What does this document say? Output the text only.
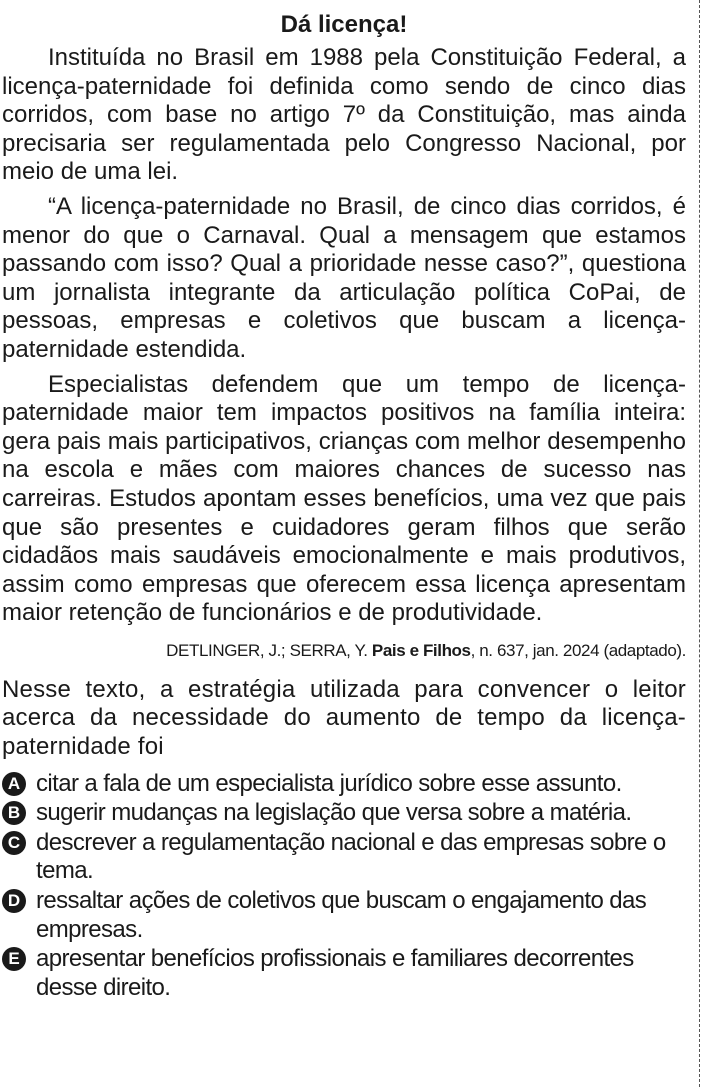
Dá licença!

Instituída no Brasil em 1988 pela Constituição Federal, a licença-paternidade foi definida como sendo de cinco dias corridos, com base no artigo 7º da Constituição, mas ainda precisaria ser regulamentada pelo Congresso Nacional, por meio de uma lei.

“A licença-paternidade no Brasil, de cinco dias corridos, é menor do que o Carnaval. Qual a mensagem que estamos passando com isso? Qual a prioridade nesse caso?”, questiona um jornalista integrante da articulação política CoPai, de pessoas, empresas e coletivos que buscam a licença-paternidade estendida.

Especialistas defendem que um tempo de licença-paternidade maior tem impactos positivos na família inteira: gera pais mais participativos, crianças com melhor desempenho na escola e mães com maiores chances de sucesso nas carreiras. Estudos apontam esses benefícios, uma vez que pais que são presentes e cuidadores geram filhos que serão cidadãos mais saudáveis emocionalmente e mais produtivos, assim como empresas que oferecem essa licença apresentam maior retenção de funcionários e de produtividade.

DETLINGER, J.; SERRA, Y. Pais e Filhos, n. 637, jan. 2024 (adaptado).
Nesse texto, a estratégia utilizada para convencer o leitor acerca da necessidade do aumento de tempo da licença-paternidade foi
A citar a fala de um especialista jurídico sobre esse assunto.
B sugerir mudanças na legislação que versa sobre a matéria.
C descrever a regulamentação nacional e das empresas sobre o tema.
D ressaltar ações de coletivos que buscam o engajamento das empresas.
E apresentar benefícios profissionais e familiares decorrentes desse direito.
